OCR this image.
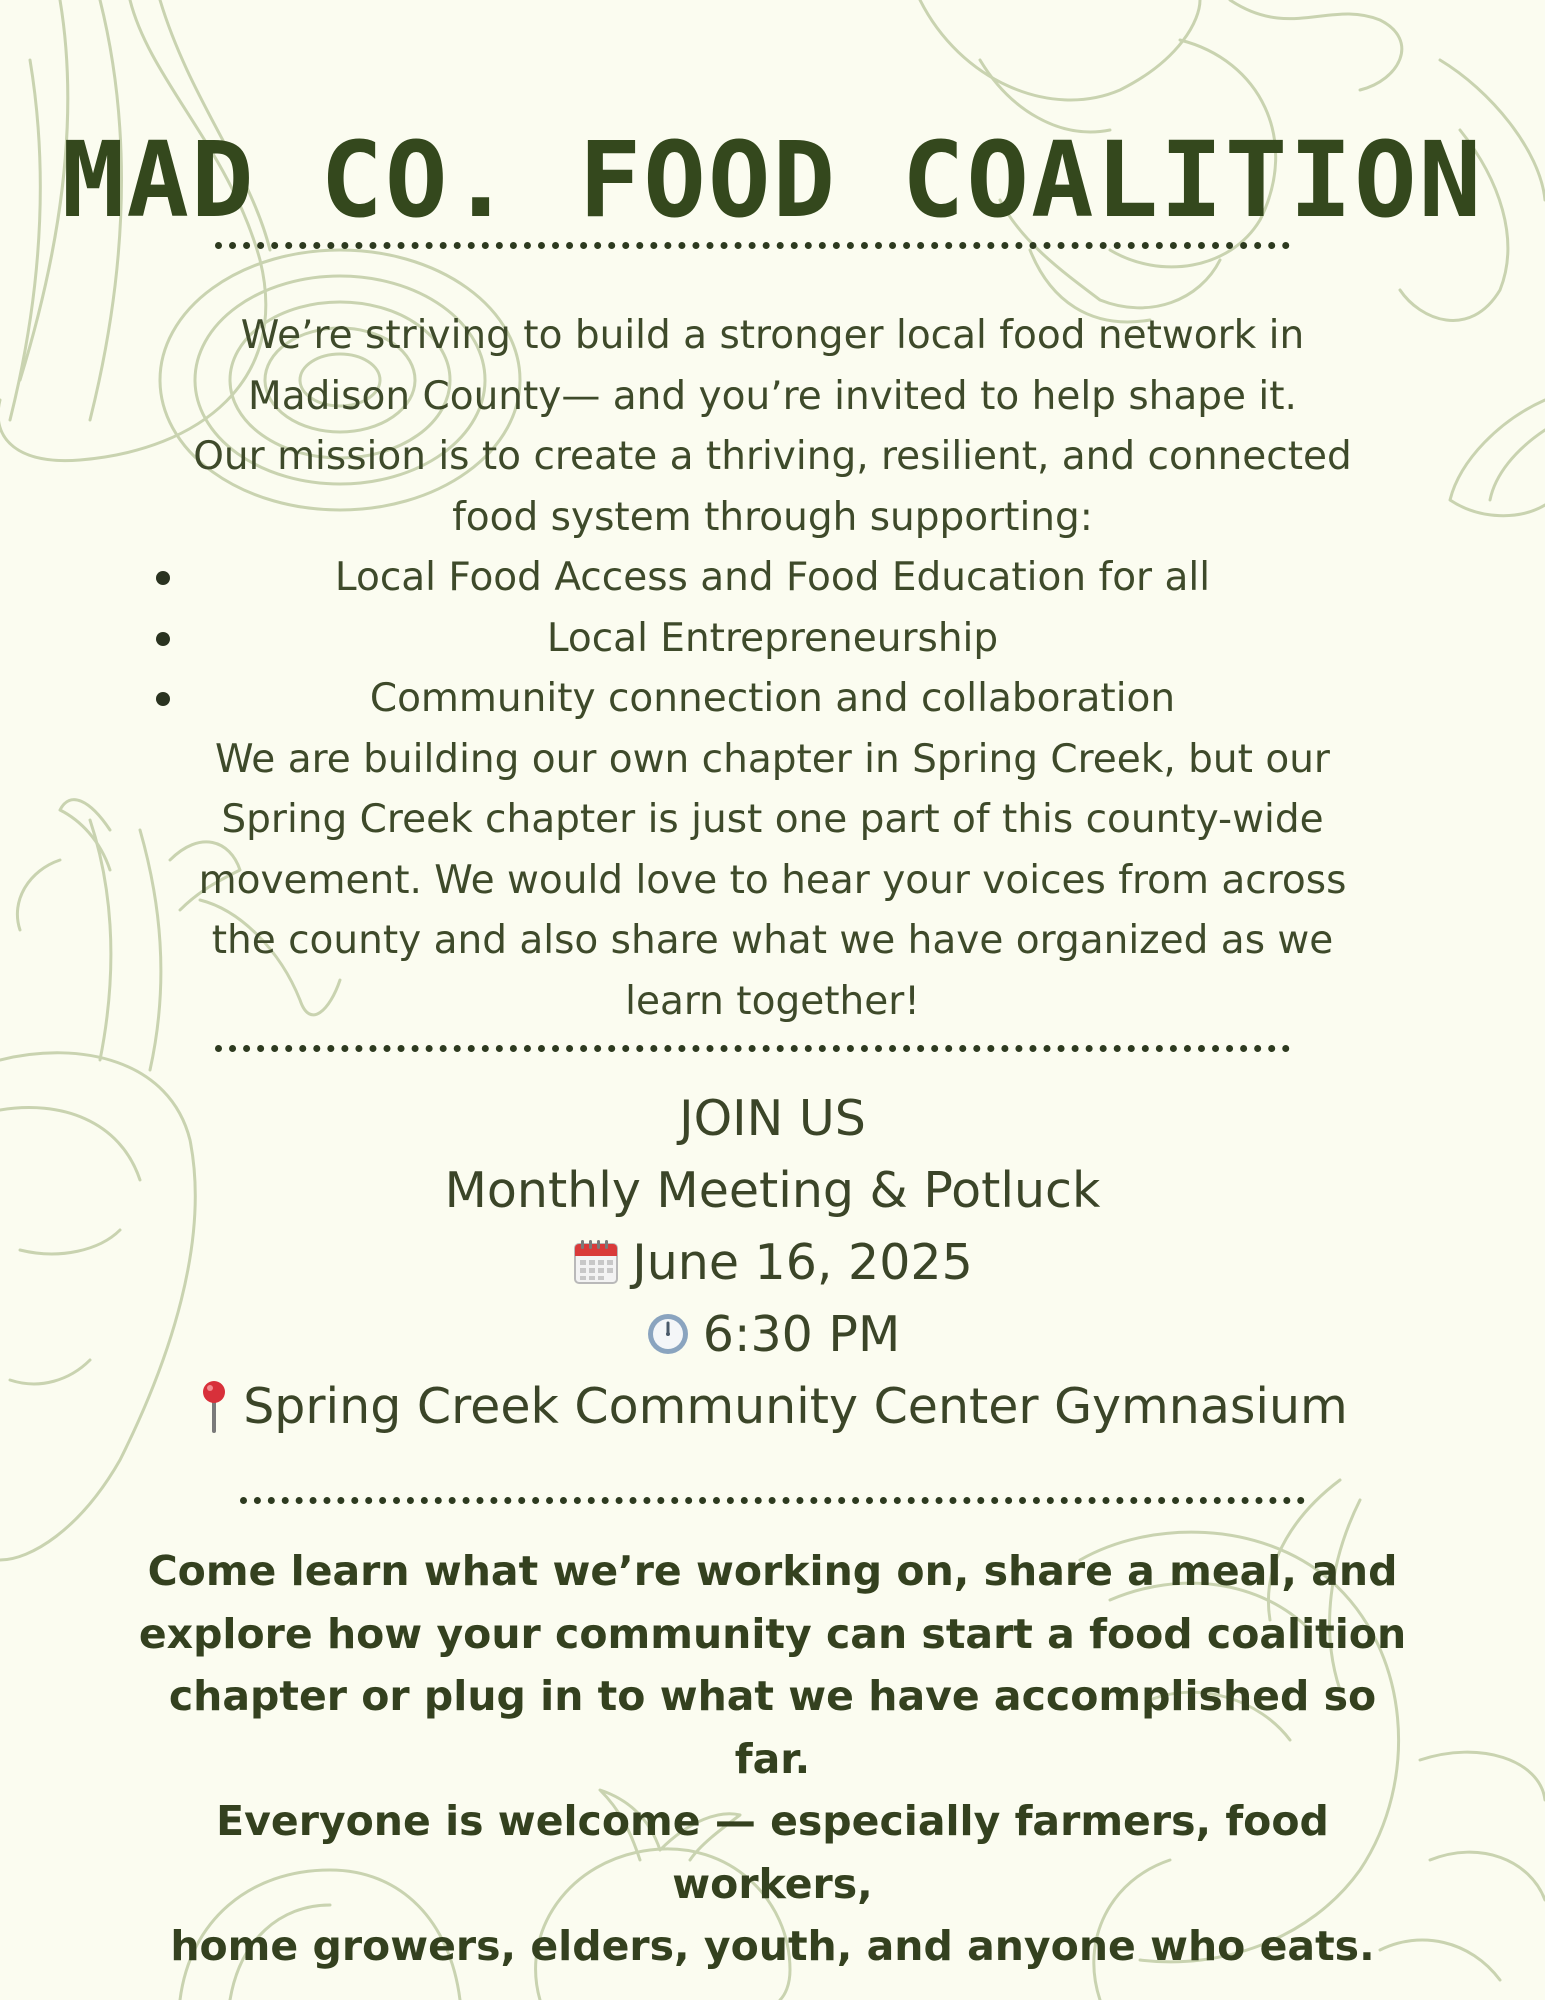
MAD CO. FOOD COALITION

We’re striving to build a stronger local food network in

Madison County— and you’re invited to help shape it.

Our mission is to create a thriving, resilient, and connected

food system through supporting:

Local Food Access and Food Education for all
Local Entrepreneurship
Community connection and collaboration

We are building our own chapter in Spring Creek, but our

Spring Creek chapter is just one part of this county-wide

movement. We would love to hear your voices from across

the county and also share what we have organized as we

learn together!

JOIN US
Monthly Meeting & Potluck
June 16, 2025
6:30 PM
Spring Creek Community Center Gymnasium
Come learn what we’re working on, share a meal, and
explore how your community can start a food coalition
chapter or plug in to what we have accomplished so far.
Everyone is welcome — especially farmers, food workers,
home growers, elders, youth, and anyone who eats.
